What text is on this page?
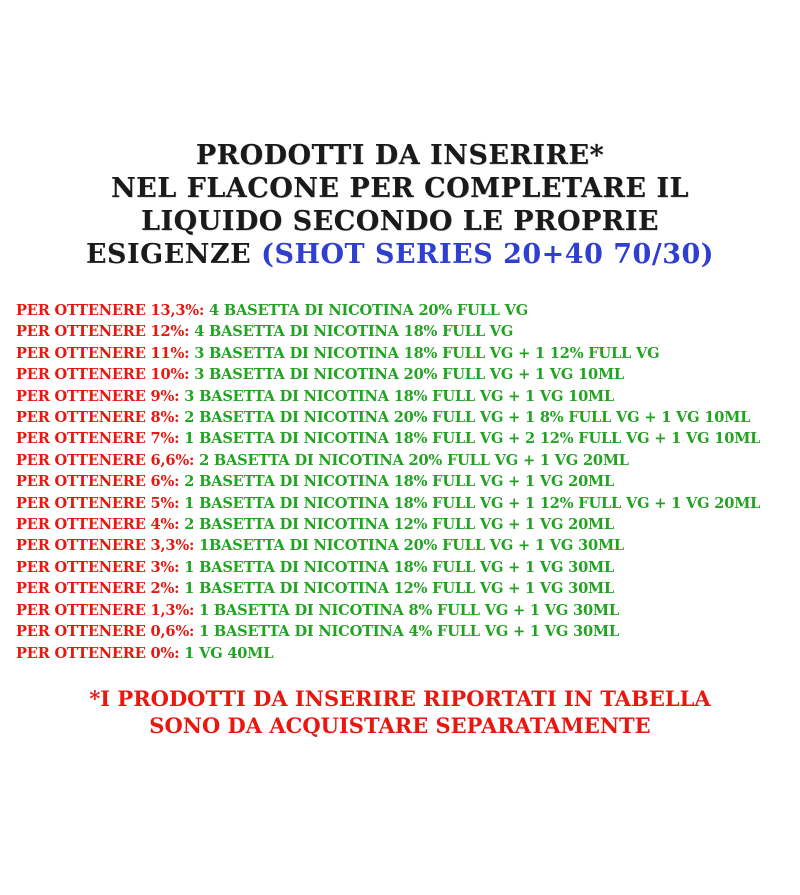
PRODOTTI DA INSERIRE*
NEL FLACONE PER COMPLETARE IL
LIQUIDO SECONDO LE PROPRIE
ESIGENZE (SHOT SERIES 20+40 70/30)
PER OTTENERE 13,3%: 4 BASETTA DI NICOTINA 20% FULL VG
PER OTTENERE 12%: 4 BASETTA DI NICOTINA 18% FULL VG
PER OTTENERE 11%: 3 BASETTA DI NICOTINA 18% FULL VG + 1 12% FULL VG
PER OTTENERE 10%: 3 BASETTA DI NICOTINA 20% FULL VG + 1 VG 10ML
PER OTTENERE 9%: 3 BASETTA DI NICOTINA 18% FULL VG + 1 VG 10ML
PER OTTENERE 8%: 2 BASETTA DI NICOTINA 20% FULL VG + 1 8% FULL VG + 1 VG 10ML
PER OTTENERE 7%: 1 BASETTA DI NICOTINA 18% FULL VG + 2 12% FULL VG + 1 VG 10ML
PER OTTENERE 6,6%: 2 BASETTA DI NICOTINA 20% FULL VG + 1 VG 20ML
PER OTTENERE 6%: 2 BASETTA DI NICOTINA 18% FULL VG + 1 VG 20ML
PER OTTENERE 5%: 1 BASETTA DI NICOTINA 18% FULL VG + 1 12% FULL VG + 1 VG 20ML
PER OTTENERE 4%: 2 BASETTA DI NICOTINA 12% FULL VG + 1 VG 20ML
PER OTTENERE 3,3%: 1BASETTA DI NICOTINA 20% FULL VG + 1 VG 30ML
PER OTTENERE 3%: 1 BASETTA DI NICOTINA 18% FULL VG + 1 VG 30ML
PER OTTENERE 2%: 1 BASETTA DI NICOTINA 12% FULL VG + 1 VG 30ML
PER OTTENERE 1,3%: 1 BASETTA DI NICOTINA 8% FULL VG + 1 VG 30ML
PER OTTENERE 0,6%: 1 BASETTA DI NICOTINA 4% FULL VG + 1 VG 30ML
PER OTTENERE 0%: 1 VG 40ML
*I PRODOTTI DA INSERIRE RIPORTATI IN TABELLA
SONO DA ACQUISTARE SEPARATAMENTE
